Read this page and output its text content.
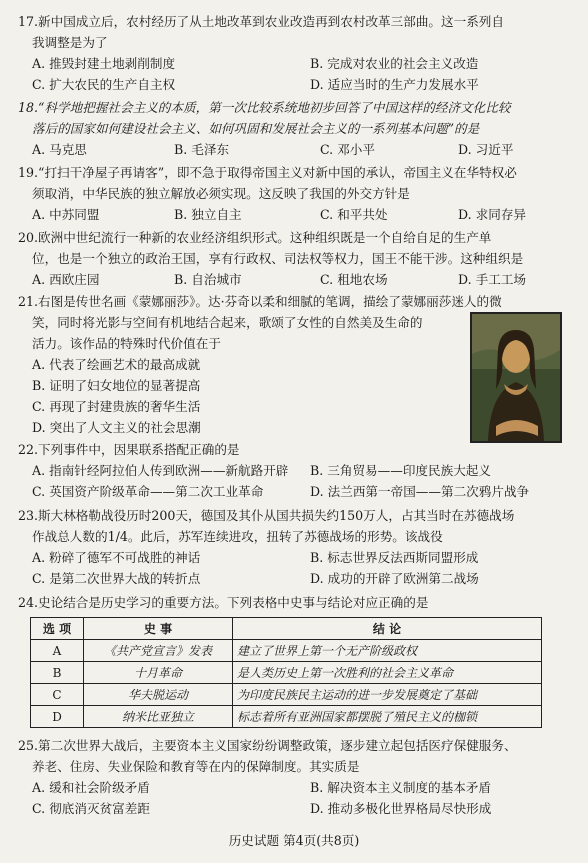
17.新中国成立后，农村经历了从土地改革到农业改造再到农村改革三部曲。这一系列自
我调整是为了
A. 推毁封建土地剥削制度	B. 完成对农业的社会主义改造
C. 扩大农民的生产自主权	D. 适应当时的生产力发展水平
18.“科学地把握社会主义的本质，第一次比较系统地初步回答了中国这样的经济文化比较
落后的国家如何建设社会主义、如何巩固和发展社会主义的一系列基本问题”的是
A. 马克思	B. 毛泽东	C. 邓小平	D. 习近平
19.“打扫干净屋子再请客”，即不急于取得帝国主义对新中国的承认，帝国主义在华特权必
须取消，中华民族的独立解放必须实现。这反映了我国的外交方针是
A. 中苏同盟	B. 独立自主	C. 和平共处	D. 求同存异
20.欧洲中世纪流行一种新的农业经济组织形式。这种组织既是一个自给自足的生产单
位，也是一个独立的政治王国，享有行政权、司法权等权力，国王不能干涉。这种组织是
A. 西欧庄园	B. 自治城市	C. 租地农场	D. 手工工场
21.右图是传世名画《蒙娜丽莎》。达·芬奇以柔和细腻的笔调，描绘了蒙娜丽莎迷人的微
笑，同时将光影与空间有机地结合起来，歌颂了女性的自然美及生命的
活力。该作品的特殊时代价值在于
A. 代表了绘画艺术的最高成就
B. 证明了妇女地位的显著提高
C. 再现了封建贵族的奢华生活
D. 突出了人文主义的社会思潮
22.下列事件中，因果联系搭配正确的是
A. 指南针经阿拉伯人传到欧洲——新航路开辟 B. 三角贸易——印度民族大起义
C. 英国资产阶级革命——第二次工业革命	D. 法兰西第一帝国——第二次鸦片战争
23.斯大林格勒战役历时200天，德国及其仆从国共损失约150万人，占其当时在苏德战场
作战总人数的1/4。此后，苏军连续进攻，扭转了苏德战场的形势。该战役
A. 粉碎了德军不可战胜的神话	B. 标志世界反法西斯同盟形成
C. 是第二次世界大战的转折点	D. 成功的开辟了欧洲第二战场
24.史论结合是历史学习的重要方法。下列表格中史事与结论对应正确的是
选 项	史 事	结 论
A	《共产党宣言》发表	建立了世界上第一个无产阶级政权
B	十月革命	是人类历史上第一次胜利的社会主义革命
C	华夫脱运动	为印度民族民主运动的进一步发展奠定了基础
D	纳米比亚独立	标志着所有亚洲国家都摆脱了殖民主义的枷锁
25.第二次世界大战后，主要资本主义国家纷纷调整政策，逐步建立起包括医疗保健服务、
养老、住房、失业保险和教育等在内的保障制度。其实质是
A. 缓和社会阶级矛盾	B. 解决资本主义制度的基本矛盾
C. 彻底消灭贫富差距	D. 推动多极化世界格局尽快形成
历史试题 第4页(共8页)
